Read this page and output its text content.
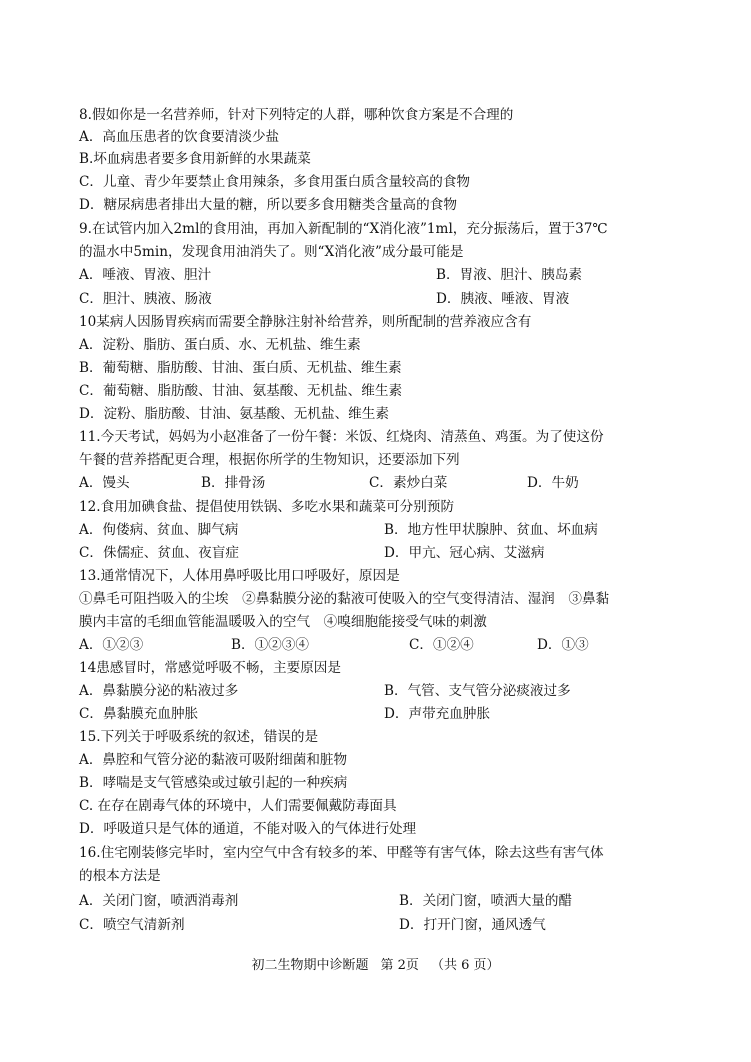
8.假如你是一名营养师，针对下列特定的人群，哪种饮食方案是不合理的
A．高血压患者的饮食要清淡少盐
B.坏血病患者要多食用新鲜的水果蔬菜
C．儿童、青少年要禁止食用辣条，多食用蛋白质含量较高的食物
D．糖尿病患者排出大量的糖，所以要多食用糖类含量高的食物
9.在试管内加入2ml的食用油，再加入新配制的“X消化液”1ml，充分振荡后，置于37℃
的温水中5min，发现食用油消失了。则“X消化液”成分最可能是
A．唾液、胃液、胆汁	B．胃液、胆汁、胰岛素
C．胆汁、胰液、肠液	D．胰液、唾液、胃液
10某病人因肠胃疾病而需要全静脉注射补给营养，则所配制的营养液应含有
A．淀粉、脂肪、蛋白质、水、无机盐、维生素
B．葡萄糖、脂肪酸、甘油、蛋白质、无机盐、维生素
C．葡萄糖、脂肪酸、甘油、氨基酸、无机盐、维生素
D．淀粉、脂肪酸、甘油、氨基酸、无机盐、维生素
11.今天考试，妈妈为小赵准备了一份午餐：米饭、红烧肉、清蒸鱼、鸡蛋。为了使这份
午餐的营养搭配更合理，根据你所学的生物知识，还要添加下列
A．馒头	B．排骨汤	C．素炒白菜	D．牛奶
12.食用加碘食盐、提倡使用铁锅、多吃水果和蔬菜可分别预防
A．佝偻病、贫血、脚气病	B．地方性甲状腺肿、贫血、坏血病
C．侏儒症、贫血、夜盲症	D．甲亢、冠心病、艾滋病
13.通常情况下，人体用鼻呼吸比用口呼吸好，原因是
①鼻毛可阻挡吸入的尘埃　②鼻黏膜分泌的黏液可使吸入的空气变得清洁、湿润　③鼻黏
膜内丰富的毛细血管能温暖吸入的空气　④嗅细胞能接受气味的刺激
A．①②③	B．①②③④	C．①②④	D．①③
14患感冒时，常感觉呼吸不畅，主要原因是
A．鼻黏膜分泌的粘液过多	B．气管、支气管分泌痰液过多
C．鼻黏膜充血肿胀	D．声带充血肿胀
15.下列关于呼吸系统的叙述，错误的是
A．鼻腔和气管分泌的黏液可吸附细菌和脏物
B．哮喘是支气管感染或过敏引起的一种疾病
C. 在存在剧毒气体的环境中，人们需要佩戴防毒面具
D．呼吸道只是气体的通道，不能对吸入的气体进行处理
16.住宅刚装修完毕时，室内空气中含有较多的苯、甲醛等有害气体，除去这些有害气体
的根本方法是
A．关闭门窗，喷洒消毒剂	B．关闭门窗，喷洒大量的醋
C．喷空气清新剂	D．打开门窗，通风透气
初二生物期中诊断题 第 2页 （共 6 页）
